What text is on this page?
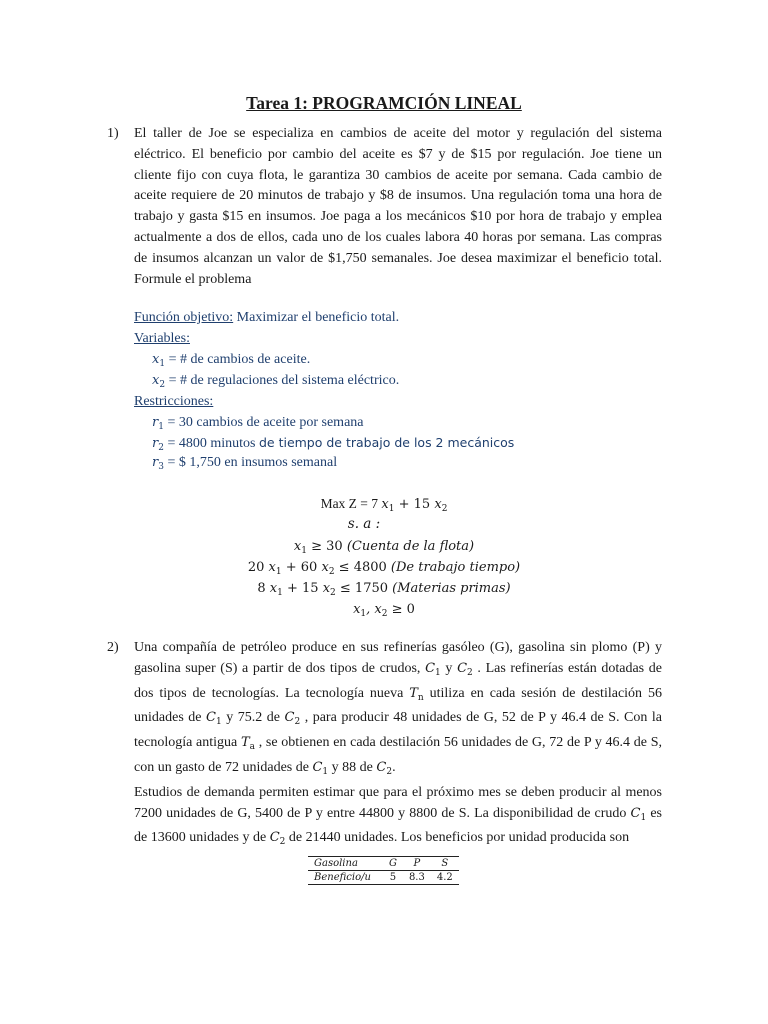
Tarea 1: PROGRAMCIÓN LINEAL
1) El taller de Joe se especializa en cambios de aceite del motor y regulación del sistema eléctrico. El beneficio por cambio del aceite es $7 y de $15 por regulación. Joe tiene un cliente fijo con cuya flota, le garantiza 30 cambios de aceite por semana. Cada cambio de aceite requiere de 20 minutos de trabajo y $8 de insumos. Una regulación toma una hora de trabajo y gasta $15 en insumos. Joe paga a los mecánicos $10 por hora de trabajo y emplea actualmente a dos de ellos, cada uno de los cuales labora 40 horas por semana. Las compras de insumos alcanzan un valor de $1,750 semanales. Joe desea maximizar el beneficio total. Formule el problema

Función objetivo: Maximizar el beneficio total.
Variables:
$x_1$ = # de cambios de aceite.
$x_2$ = # de regulaciones del sistema eléctrico.
Restricciones:
$r_1 = 30$ cambios de aceite por semana
$r_2 = 4800$ minutos de tiempo de trabajo de los 2 mecánicos
$r_3$ = $ 1,750 en insumos semanal
Max Z = 7 $x_1 + 15$ $x_2$
s. a :
$x_1 \ge 30$ (Cuenta de la flota)
20 $x_1 + 60$ $x_2 \le 4800$ (De trabajo tiempo)
8 $x_1 + 15$ $x_2 \le 1750$ (Materias primas)
$x_1$, $x_2 \ge 0$
2) Una compañía de petróleo produce en sus refinerías gasóleo (G), gasolina sin plomo (P) y gasolina super (S) a partir de dos tipos de crudos, $C_1$ y $C_2$ . Las refinerías están dotadas de dos tipos de tecnologías. La tecnología nueva $T_n$ utiliza en cada sesión de destilación 56 unidades de $C_1$ y 75.2 de $C_2$ , para producir 48 unidades de G, 52 de P y 46.4 de S. Con la tecnología antigua $T_a$ , se obtienen en cada destilación 56 unidades de G, 72 de P y 46.4 de S, con un gasto de 72 unidades de $C_1$ y 88 de $C_2$.
Estudios de demanda permiten estimar que para el próximo mes se deben producir al menos 7200 unidades de G, 5400 de P y entre 44800 y 8800 de S. La disponibilidad de crudo $C_1$ es de 13600 unidades y de $C_2$ de 21440 unidades. Los beneficios por unidad producida son

Gasolina	G	P	S
Beneficio/u	5	8.3	4.2
